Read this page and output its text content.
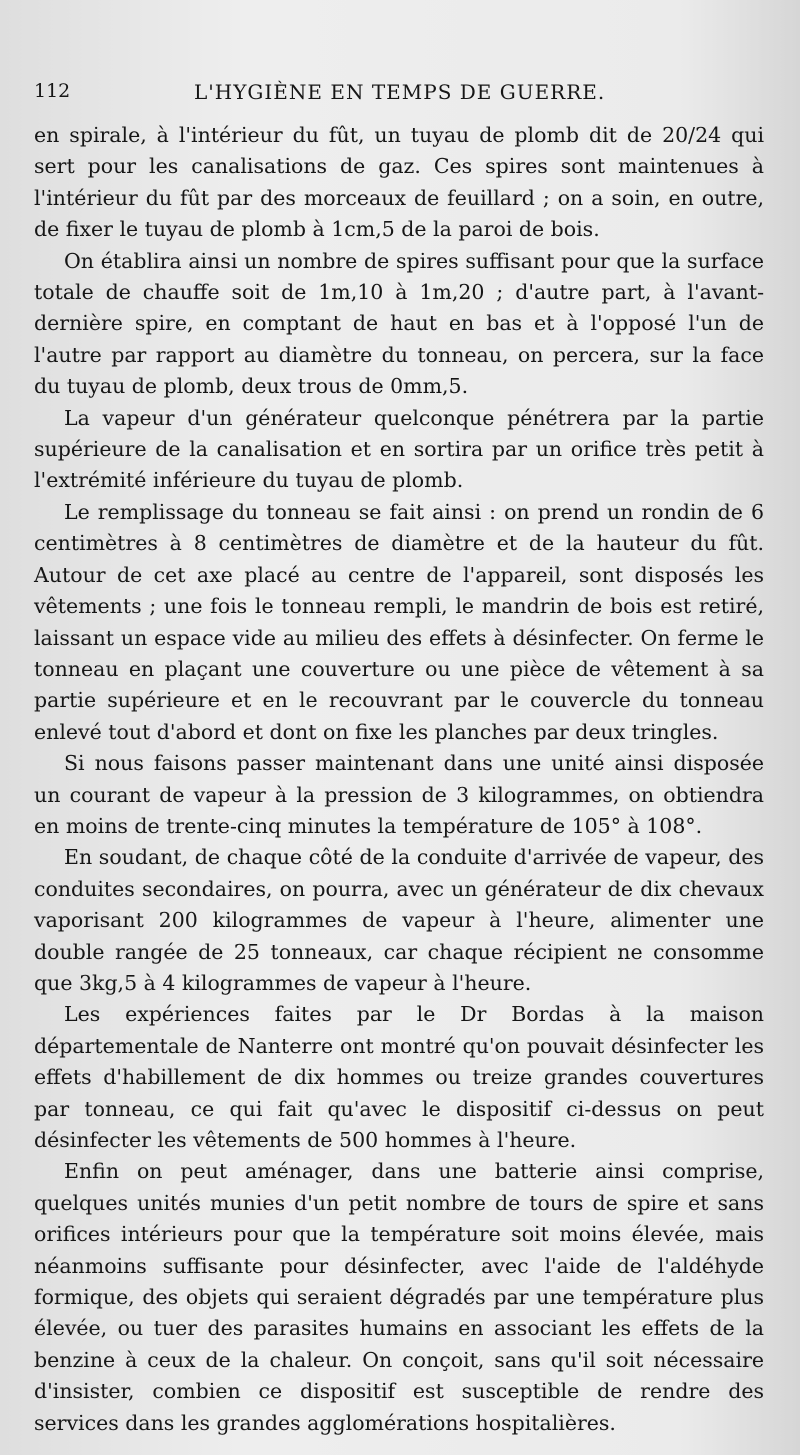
112	L'HYGIÈNE EN TEMPS DE GUERRE.

en spirale, à l'intérieur du fût, un tuyau de plomb dit de 20/24 qui sert pour les canalisations de gaz. Ces spires sont maintenues à l'intérieur du fût par des morceaux de feuillard ; on a soin, en outre, de fixer le tuyau de plomb à 1cm,5 de la paroi de bois.

On établira ainsi un nombre de spires suffisant pour que la surface totale de chauffe soit de 1m,10 à 1m,20 ; d'autre part, à l'avant-dernière spire, en comptant de haut en bas et à l'opposé l'un de l'autre par rapport au diamètre du tonneau, on percera, sur la face du tuyau de plomb, deux trous de 0mm,5.

La vapeur d'un générateur quelconque pénétrera par la partie supérieure de la canalisation et en sortira par un orifice très petit à l'extrémité inférieure du tuyau de plomb.

Le remplissage du tonneau se fait ainsi : on prend un rondin de 6 centimètres à 8 centimètres de diamètre et de la hauteur du fût. Autour de cet axe placé au centre de l'appareil, sont disposés les vêtements ; une fois le tonneau rempli, le mandrin de bois est retiré, laissant un espace vide au milieu des effets à désinfecter. On ferme le tonneau en plaçant une couverture ou une pièce de vêtement à sa partie supérieure et en le recouvrant par le couvercle du tonneau enlevé tout d'abord et dont on fixe les planches par deux tringles.

Si nous faisons passer maintenant dans une unité ainsi disposée un courant de vapeur à la pression de 3 kilogrammes, on obtiendra en moins de trente-cinq minutes la température de 105° à 108°.

En soudant, de chaque côté de la conduite d'arrivée de vapeur, des conduites secondaires, on pourra, avec un générateur de dix chevaux vaporisant 200 kilogrammes de vapeur à l'heure, alimenter une double rangée de 25 tonneaux, car chaque récipient ne consomme que 3kg,5 à 4 kilogrammes de vapeur à l'heure.

Les expériences faites par le Dr Bordas à la maison départementale de Nanterre ont montré qu'on pouvait désinfecter les effets d'habillement de dix hommes ou treize grandes couvertures par tonneau, ce qui fait qu'avec le dispositif ci-dessus on peut désinfecter les vêtements de 500 hommes à l'heure.

Enfin on peut aménager, dans une batterie ainsi comprise, quelques unités munies d'un petit nombre de tours de spire et sans orifices intérieurs pour que la température soit moins élevée, mais néanmoins suffisante pour désinfecter, avec l'aide de l'aldéhyde formique, des objets qui seraient dégradés par une température plus élevée, ou tuer des parasites humains en associant les effets de la benzine à ceux de la chaleur. On conçoit, sans qu'il soit nécessaire d'insister, combien ce dispositif est susceptible de rendre des services dans les grandes agglomérations hospitalières.
